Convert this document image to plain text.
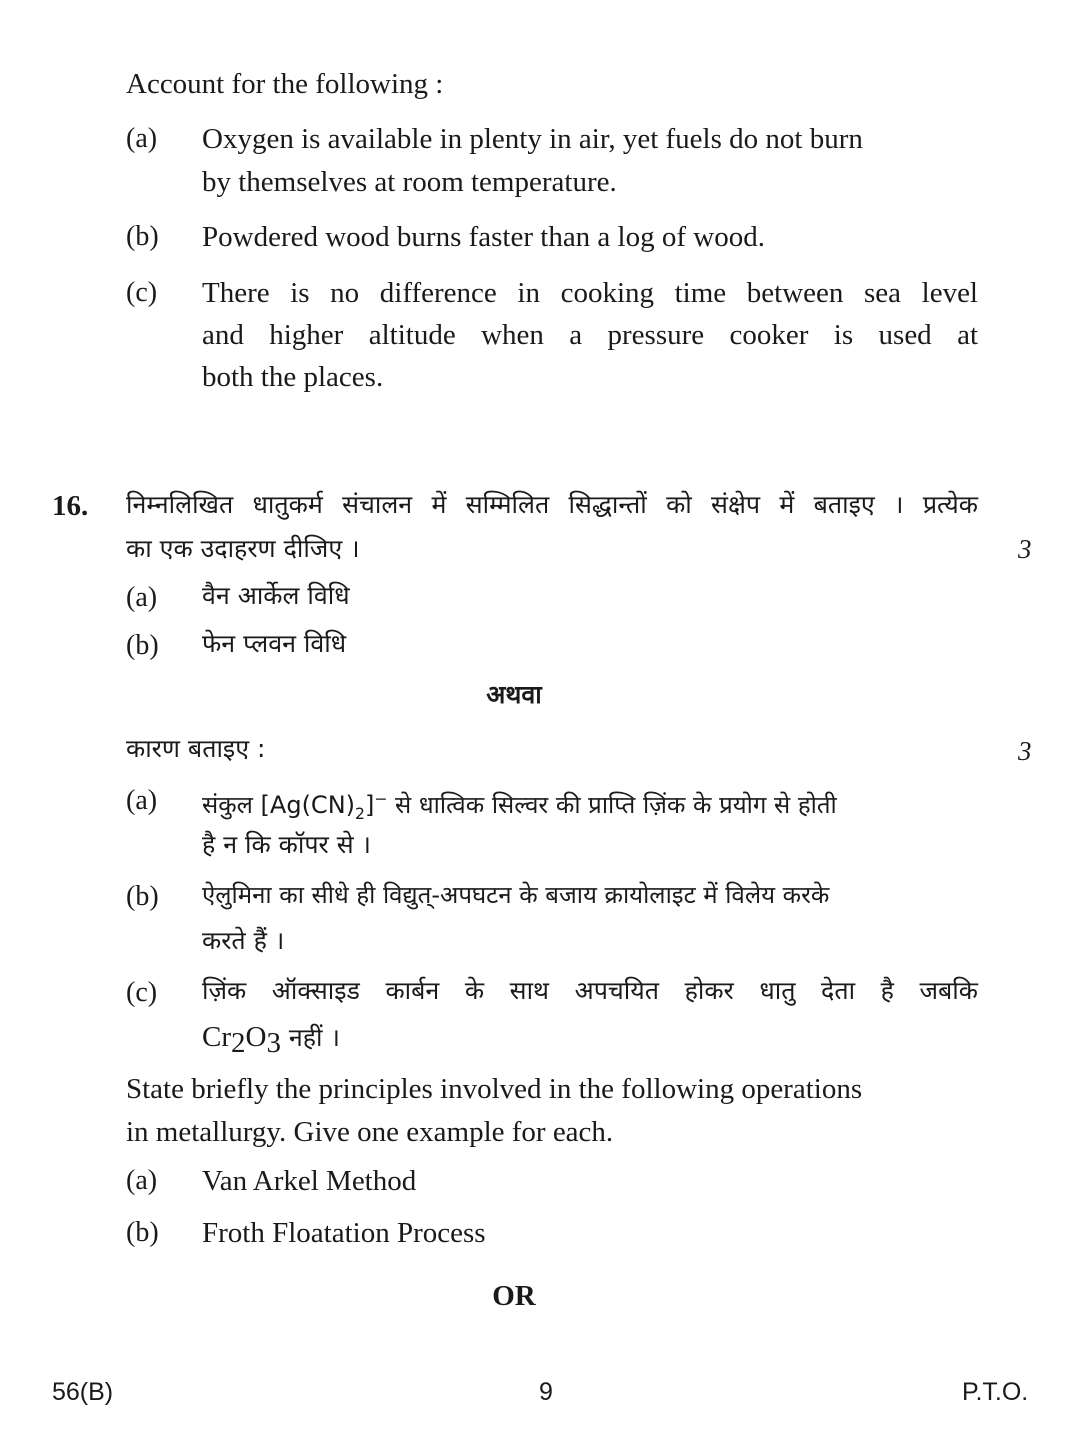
Account for the following :
(a) Oxygen is available in plenty in air, yet fuels do not burn
by themselves at room temperature.
(b) Powdered wood burns faster than a log of wood.
(c) There is no difference in cooking time between sea level
and higher altitude when a pressure cooker is used at
both the places.
16. निम्नलिखित धातुकर्म संचालन में सम्मिलित सिद्धान्तों को संक्षेप में बताइए । प्रत्येक
का एक उदाहरण दीजिए ।	3
(a) वैन आर्केल विधि
(b) फेन प्लवन विधि
अथवा
कारण बताइए :	3
(a) संकुल $[Ag(CN)_2]^-$ से धात्विक सिल्वर की प्राप्ति ज़िंक के प्रयोग से होती
है न कि कॉपर से ।
(b) ऐलुमिना का सीधे ही विद्युत्-अपघटन के बजाय क्रायोलाइट में विलेय करके
करते हैं ।
(c) ज़िंक ऑक्साइड कार्बन के साथ अपचयित होकर धातु देता है जबकि
$Cr_2O_3$ नहीं ।
State briefly the principles involved in the following operations
in metallurgy. Give one example for each.
(a) Van Arkel Method
(b) Froth Floatation Process
OR
56(B)	9	P.T.O.
